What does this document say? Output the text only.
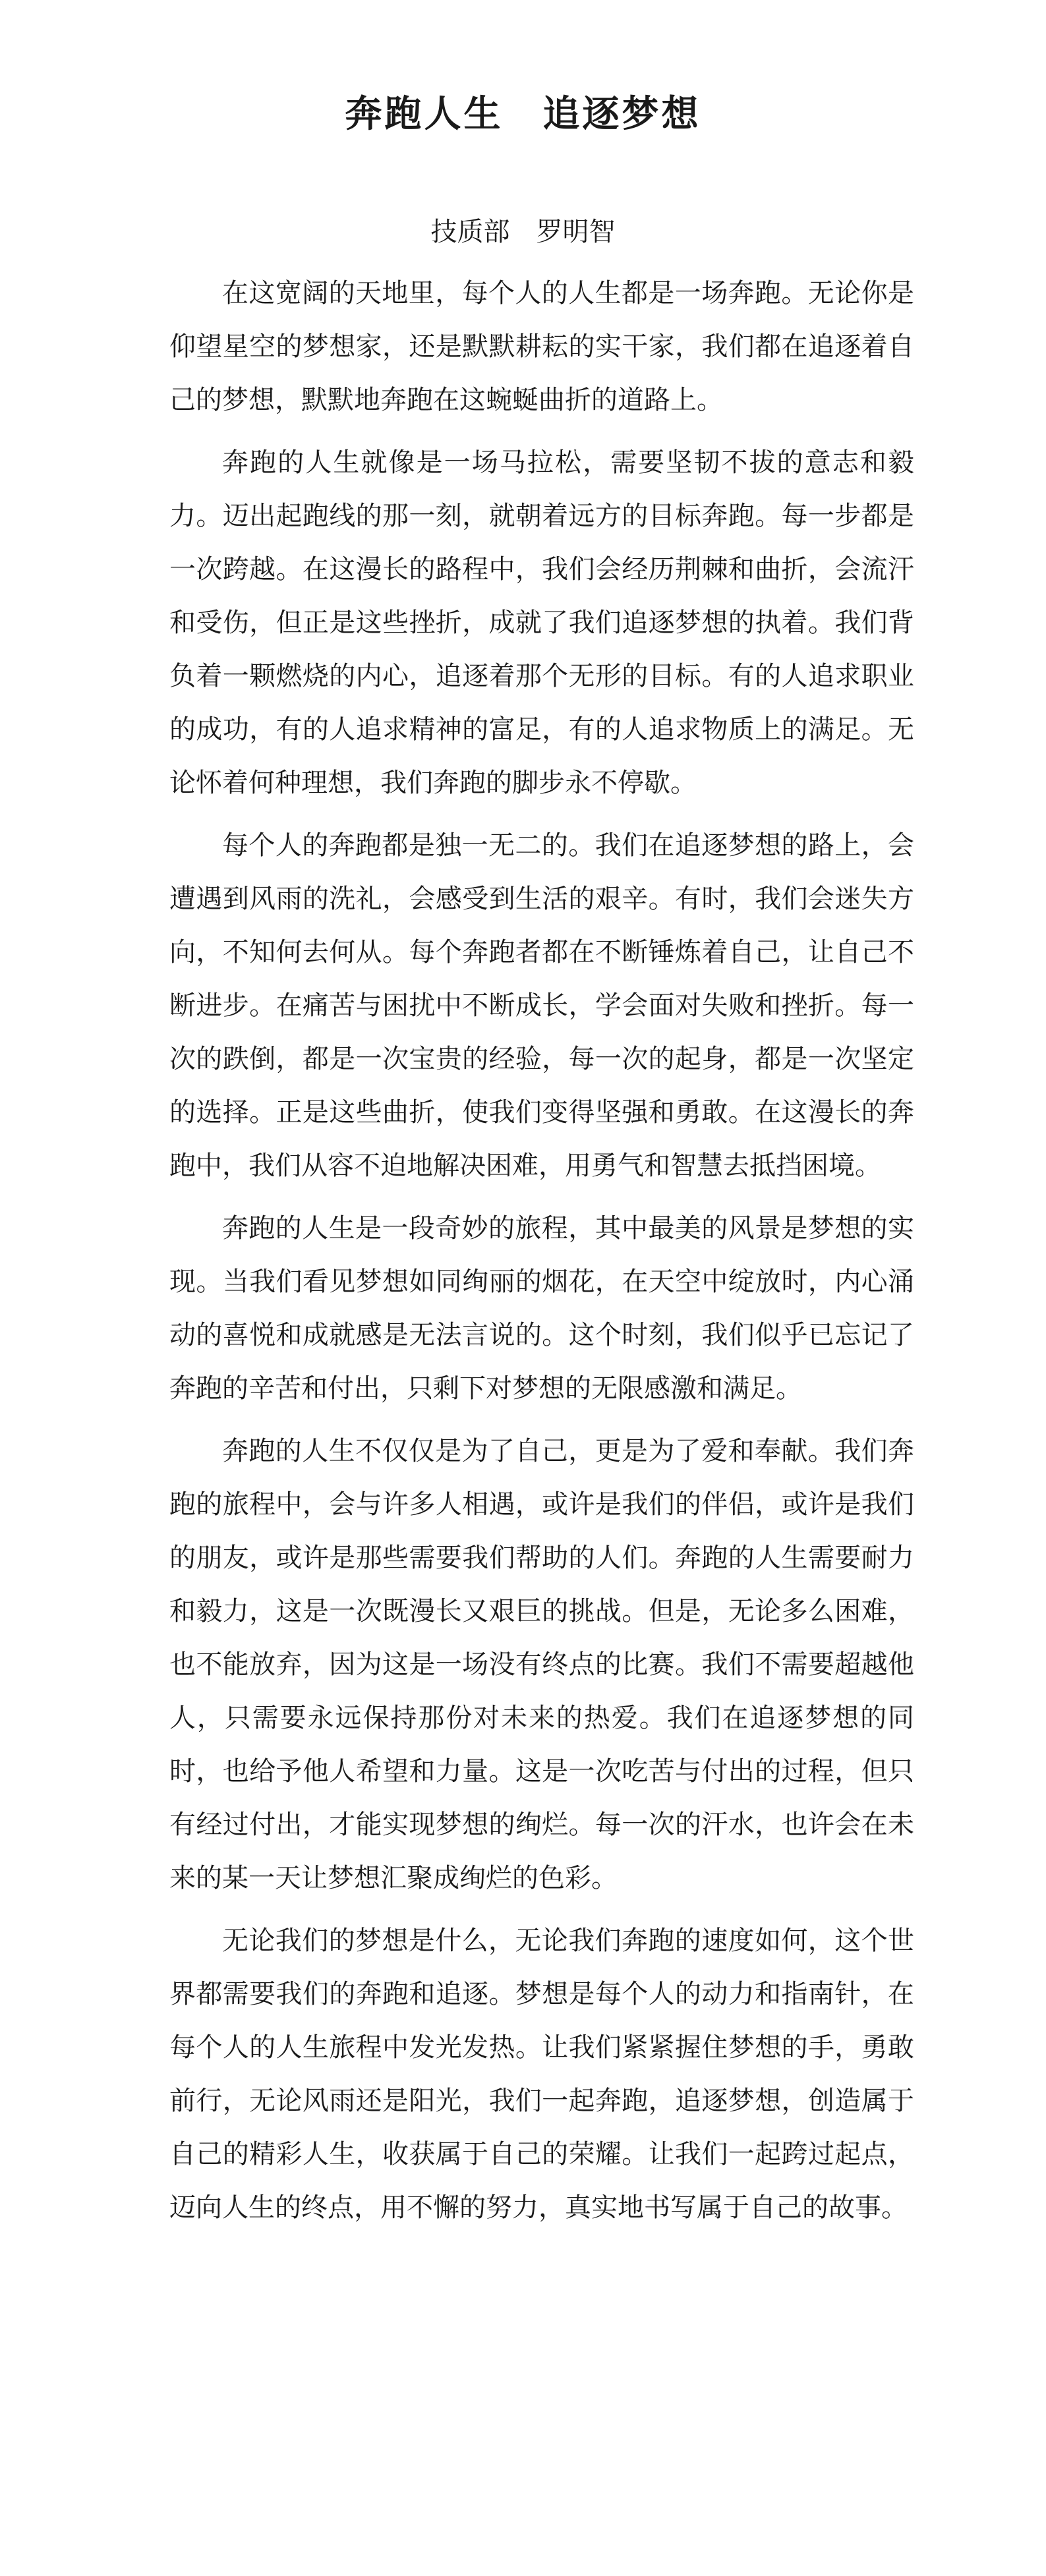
奔跑人生　追逐梦想
技质部　罗明智

在这宽阔的天地里，每个人的人生都是一场奔跑。无论你是仰望星空的梦想家，还是默默耕耘的实干家，我们都在追逐着自己的梦想，默默地奔跑在这蜿蜒曲折的道路上。

奔跑的人生就像是一场马拉松，需要坚韧不拔的意志和毅力。迈出起跑线的那一刻，就朝着远方的目标奔跑。每一步都是一次跨越。在这漫长的路程中，我们会经历荆棘和曲折，会流汗和受伤，但正是这些挫折，成就了我们追逐梦想的执着。我们背负着一颗燃烧的内心，追逐着那个无形的目标。有的人追求职业的成功，有的人追求精神的富足，有的人追求物质上的满足。无论怀着何种理想，我们奔跑的脚步永不停歇。

每个人的奔跑都是独一无二的。我们在追逐梦想的路上，会遭遇到风雨的洗礼，会感受到生活的艰辛。有时，我们会迷失方向，不知何去何从。每个奔跑者都在不断锤炼着自己，让自己不断进步。在痛苦与困扰中不断成长，学会面对失败和挫折。每一次的跌倒，都是一次宝贵的经验，每一次的起身，都是一次坚定的选择。正是这些曲折，使我们变得坚强和勇敢。在这漫长的奔跑中，我们从容不迫地解决困难，用勇气和智慧去抵挡困境。

奔跑的人生是一段奇妙的旅程，其中最美的风景是梦想的实现。当我们看见梦想如同绚丽的烟花，在天空中绽放时，内心涌动的喜悦和成就感是无法言说的。这个时刻，我们似乎已忘记了奔跑的辛苦和付出，只剩下对梦想的无限感激和满足。

奔跑的人生不仅仅是为了自己，更是为了爱和奉献。我们奔跑的旅程中，会与许多人相遇，或许是我们的伴侣，或许是我们的朋友，或许是那些需要我们帮助的人们。奔跑的人生需要耐力和毅力，这是一次既漫长又艰巨的挑战。但是，无论多么困难，也不能放弃，因为这是一场没有终点的比赛。我们不需要超越他人，只需要永远保持那份对未来的热爱。我们在追逐梦想的同时，也给予他人希望和力量。这是一次吃苦与付出的过程，但只有经过付出，才能实现梦想的绚烂。每一次的汗水，也许会在未来的某一天让梦想汇聚成绚烂的色彩。

无论我们的梦想是什么，无论我们奔跑的速度如何，这个世界都需要我们的奔跑和追逐。梦想是每个人的动力和指南针，在每个人的人生旅程中发光发热。让我们紧紧握住梦想的手，勇敢前行，无论风雨还是阳光，我们一起奔跑，追逐梦想，创造属于自己的精彩人生，收获属于自己的荣耀。让我们一起跨过起点，迈向人生的终点，用不懈的努力，真实地书写属于自己的故事。
